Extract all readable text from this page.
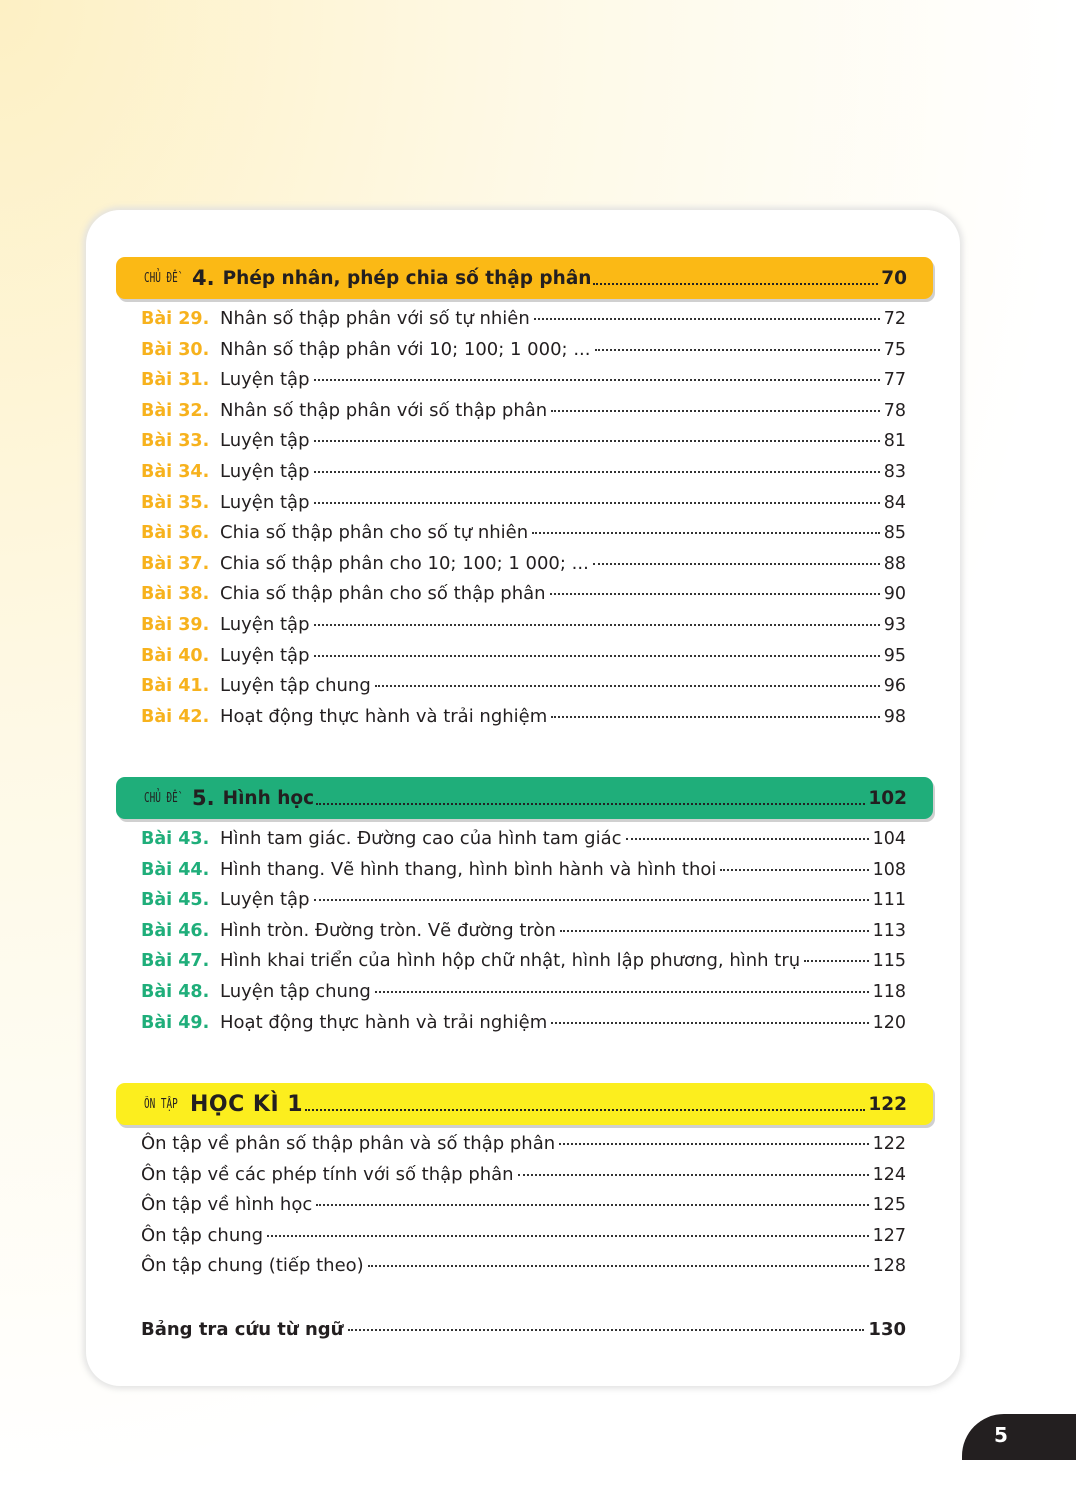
CHỦ ĐỀ 4. Phép nhân, phép chia số thập phân	70
Bài 29. Nhân số thập phân với số tự nhiên	72
Bài 30. Nhân số thập phân với 10; 100; 1 000; ...	75
Bài 31. Luyện tập	77
Bài 32. Nhân số thập phân với số thập phân	78
Bài 33. Luyện tập	81
Bài 34. Luyện tập	83
Bài 35. Luyện tập	84
Bài 36. Chia số thập phân cho số tự nhiên	85
Bài 37. Chia số thập phân cho 10; 100; 1 000; ...	88
Bài 38. Chia số thập phân cho số thập phân	90
Bài 39. Luyện tập	93
Bài 40. Luyện tập	95
Bài 41. Luyện tập chung	96
Bài 42. Hoạt động thực hành và trải nghiệm	98
CHỦ ĐỀ 5. Hình học	102
Bài 43. Hình tam giác. Đường cao của hình tam giác	104
Bài 44. Hình thang. Vẽ hình thang, hình bình hành và hình thoi	108
Bài 45. Luyện tập	111
Bài 46. Hình tròn. Đường tròn. Vẽ đường tròn	113
Bài 47. Hình khai triển của hình hộp chữ nhật, hình lập phương, hình trụ	115
Bài 48. Luyện tập chung	118
Bài 49. Hoạt động thực hành và trải nghiệm	120
ÔN TẬP HỌC KÌ 1	122
Ôn tập về phân số thập phân và số thập phân	122
Ôn tập về các phép tính với số thập phân	124
Ôn tập về hình học	125
Ôn tập chung	127
Ôn tập chung (tiếp theo)	128
Bảng tra cứu từ ngữ	130
5
